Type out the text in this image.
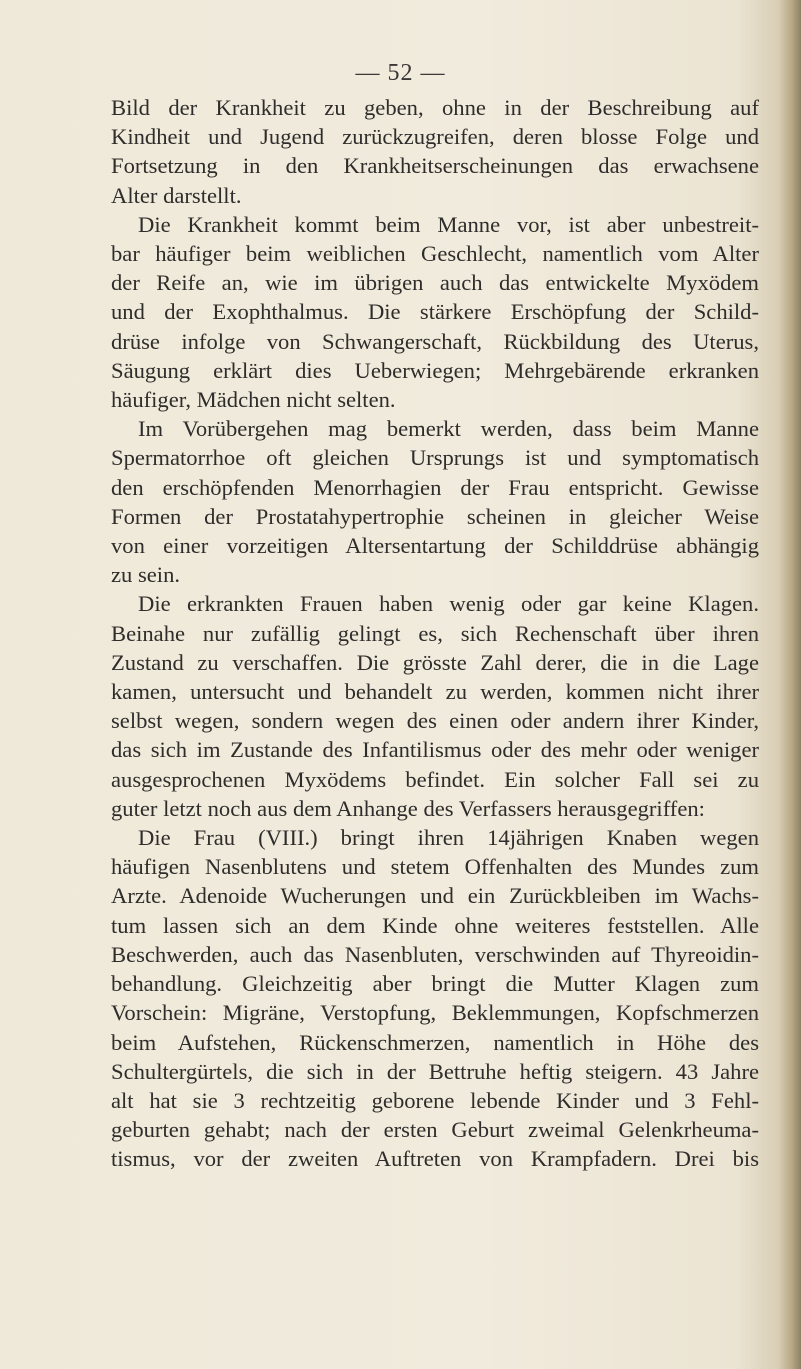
— 52 —
Bild der Krankheit zu geben, ohne in der Beschreibung auf
Kindheit und Jugend zurückzugreifen, deren blosse Folge und
Fortsetzung in den Krankheitserscheinungen das erwachsene
Alter darstellt.
Die Krankheit kommt beim Manne vor, ist aber unbestreit-
bar häufiger beim weiblichen Geschlecht, namentlich vom Alter
der Reife an, wie im übrigen auch das entwickelte Myxödem
und der Exophthalmus. Die stärkere Erschöpfung der Schild-
drüse infolge von Schwangerschaft, Rückbildung des Uterus,
Säugung erklärt dies Ueberwiegen; Mehrgebärende erkranken
häufiger, Mädchen nicht selten.
Im Vorübergehen mag bemerkt werden, dass beim Manne
Spermatorrhoe oft gleichen Ursprungs ist und symptomatisch
den erschöpfenden Menorrhagien der Frau entspricht. Gewisse
Formen der Prostatahypertrophie scheinen in gleicher Weise
von einer vorzeitigen Altersentartung der Schilddrüse abhängig
zu sein.
Die erkrankten Frauen haben wenig oder gar keine Klagen.
Beinahe nur zufällig gelingt es, sich Rechenschaft über ihren
Zustand zu verschaffen. Die grösste Zahl derer, die in die Lage
kamen, untersucht und behandelt zu werden, kommen nicht ihrer
selbst wegen, sondern wegen des einen oder andern ihrer Kinder,
das sich im Zustande des Infantilismus oder des mehr oder weniger
ausgesprochenen Myxödems befindet. Ein solcher Fall sei zu
guter letzt noch aus dem Anhange des Verfassers herausgegriffen:
Die Frau (VIII.) bringt ihren 14jährigen Knaben wegen
häufigen Nasenblutens und stetem Offenhalten des Mundes zum
Arzte. Adenoide Wucherungen und ein Zurückbleiben im Wachs-
tum lassen sich an dem Kinde ohne weiteres feststellen. Alle
Beschwerden, auch das Nasenbluten, verschwinden auf Thyreoidin-
behandlung. Gleichzeitig aber bringt die Mutter Klagen zum
Vorschein: Migräne, Verstopfung, Beklemmungen, Kopfschmerzen
beim Aufstehen, Rückenschmerzen, namentlich in Höhe des
Schultergürtels, die sich in der Bettruhe heftig steigern. 43 Jahre
alt hat sie 3 rechtzeitig geborene lebende Kinder und 3 Fehl-
geburten gehabt; nach der ersten Geburt zweimal Gelenkrheuma-
tismus, vor der zweiten Auftreten von Krampfadern. Drei bis
